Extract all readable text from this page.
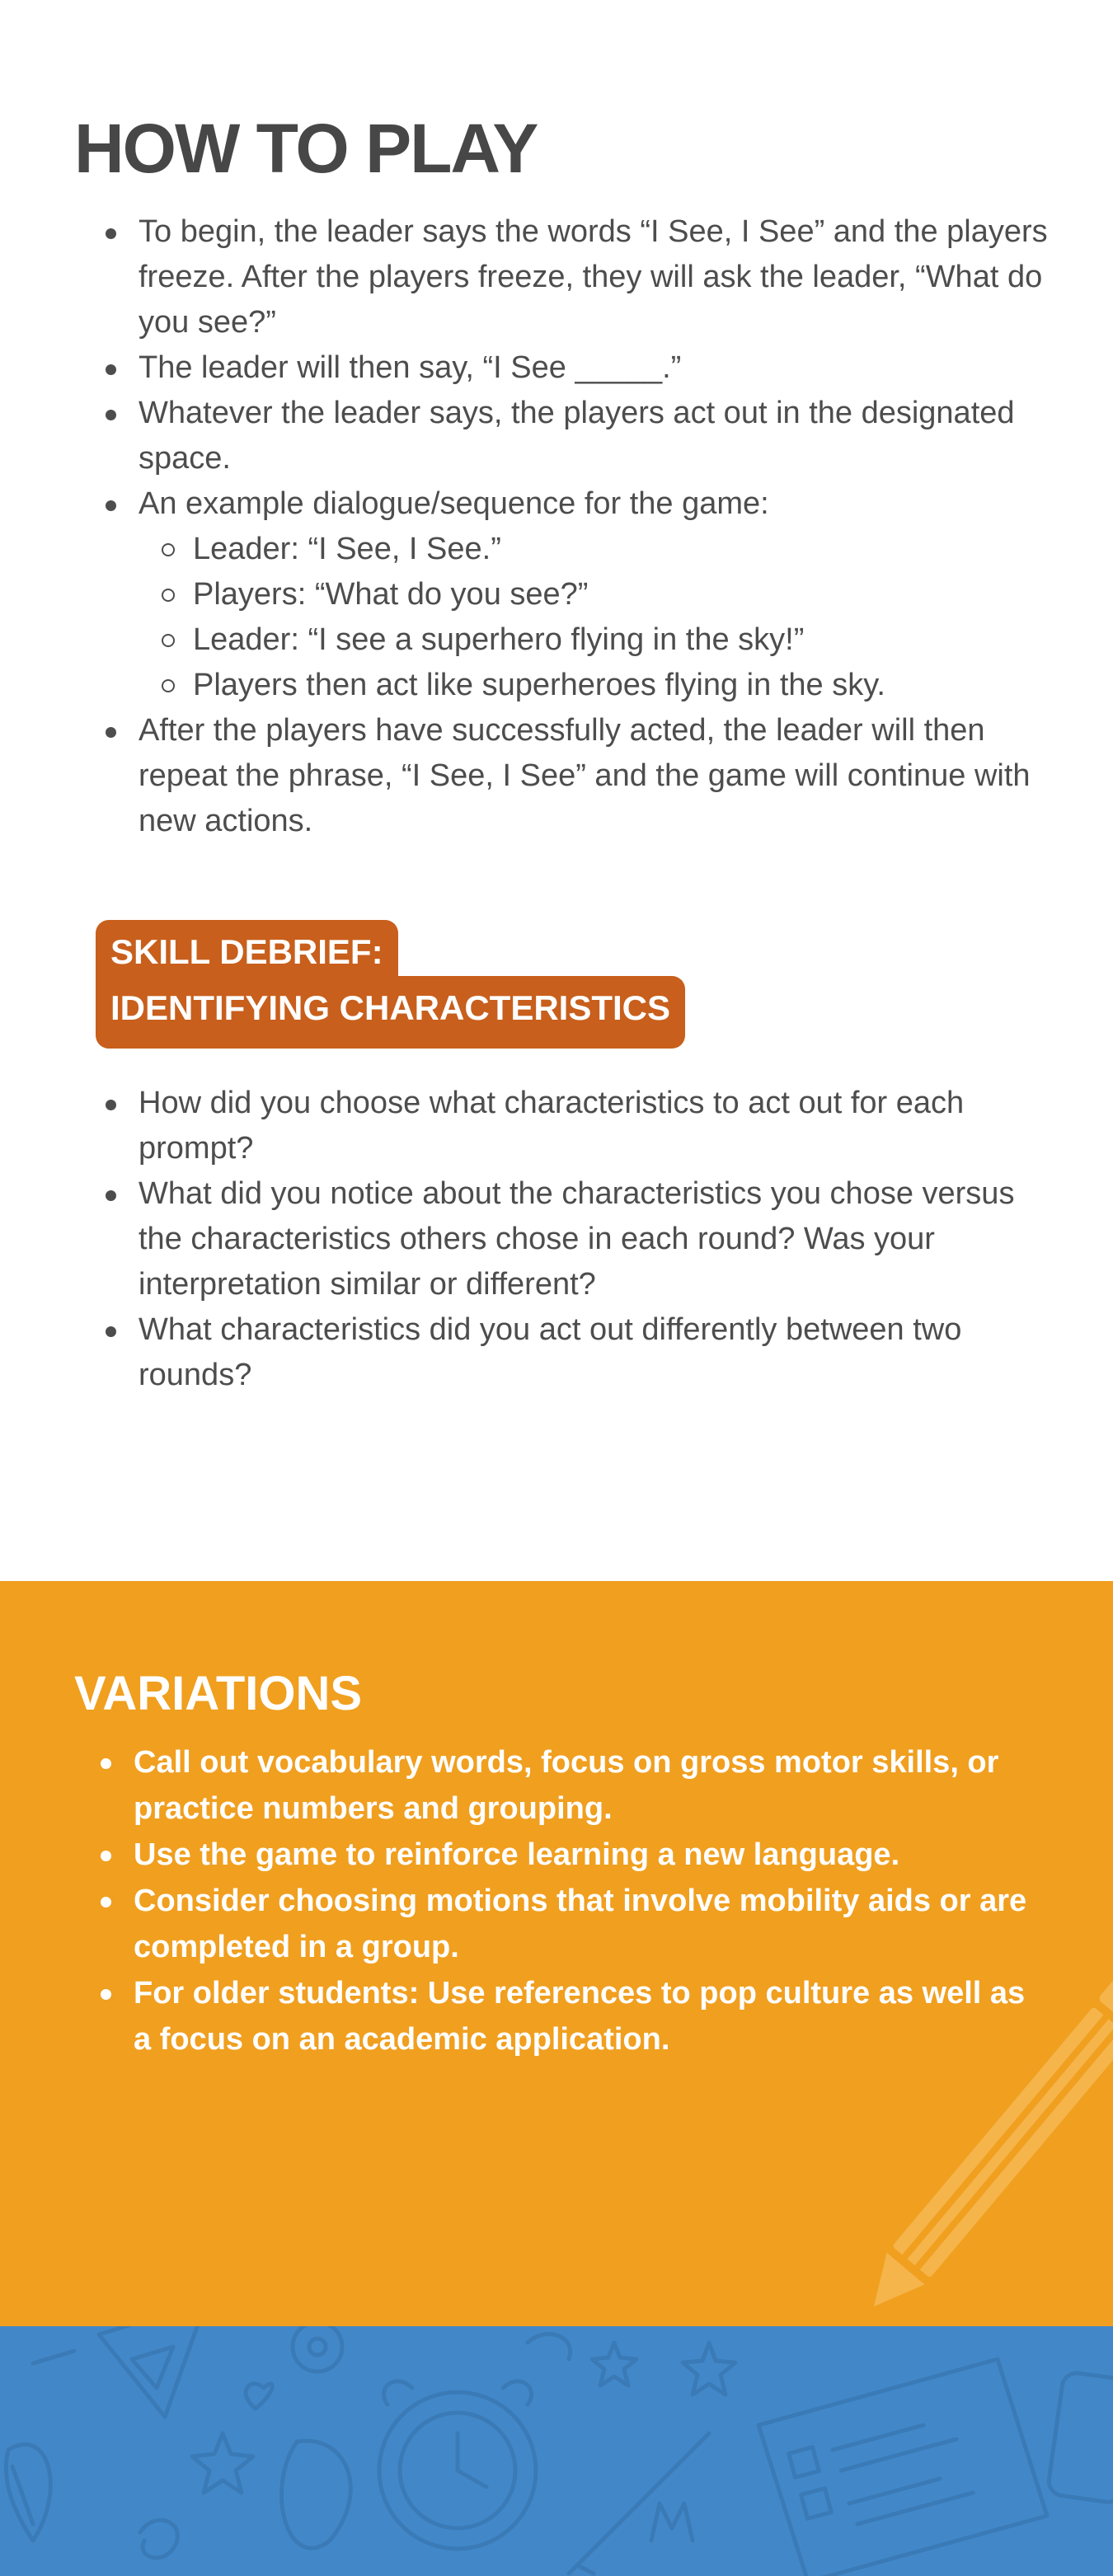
HOW TO PLAY
To begin, the leader says the words “I See, I See” and the players freeze. After the players freeze, they will ask the leader, “What do you see?”
The leader will then say, “I See _____.”
Whatever the leader says, the players act out in the designated space.
An example dialogue/sequence for the game:
Leader: “I See, I See.”
Players: “What do you see?”
Leader: “I see a superhero flying in the sky!”
Players then act like superheroes flying in the sky.
After the players have successfully acted, the leader will then repeat the phrase, “I See, I See” and the game will continue with new actions.
SKILL DEBRIEF:
IDENTIFYING CHARACTERISTICS
How did you choose what characteristics to act out for each prompt?
What did you notice about the characteristics you chose versus the characteristics others chose in each round? Was your interpretation similar or different?
What characteristics did you act out differently between two rounds?
VARIATIONS
Call out vocabulary words, focus on gross motor skills, or practice numbers and grouping.
Use the game to reinforce learning a new language.
Consider choosing motions that involve mobility aids or are completed in a group.
For older students: Use references to pop culture as well as a focus on an academic application.
